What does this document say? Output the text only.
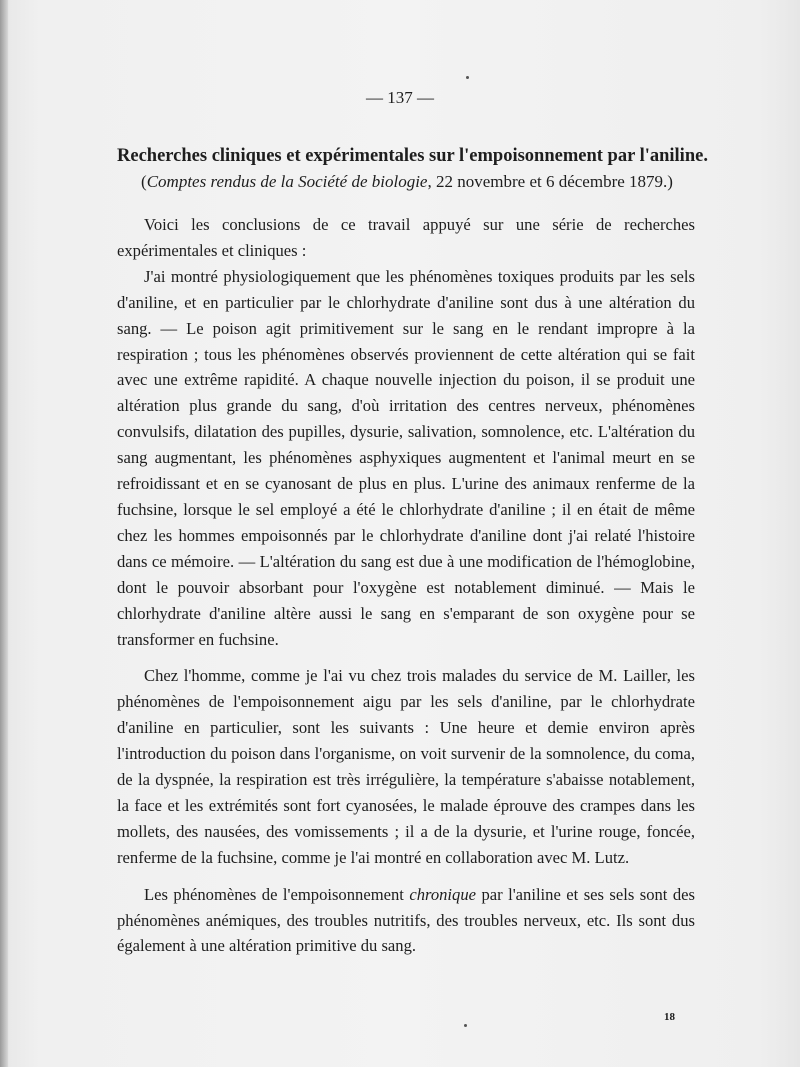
— 137 —
Recherches cliniques et expérimentales sur l'empoisonnement par l'aniline.
(Comptes rendus de la Société de biologie, 22 novembre et 6 décembre 1879.)

Voici les conclusions de ce travail appuyé sur une série de recherches expérimentales et cliniques :

J'ai montré physiologiquement que les phénomènes toxiques produits par les sels d'aniline, et en particulier par le chlorhydrate d'aniline sont dus à une altération du sang. — Le poison agit primitivement sur le sang en le rendant impropre à la respiration ; tous les phénomènes observés proviennent de cette altération qui se fait avec une extrême rapidité. A chaque nouvelle injection du poison, il se produit une altération plus grande du sang, d'où irritation des centres nerveux, phénomènes convulsifs, dilatation des pupilles, dysurie, salivation, somnolence, etc. L'altération du sang augmentant, les phénomènes asphyxiques augmentent et l'animal meurt en se refroidissant et en se cyanosant de plus en plus. L'urine des animaux renferme de la fuchsine, lorsque le sel employé a été le chlorhydrate d'aniline ; il en était de même chez les hommes empoisonnés par le chlorhydrate d'aniline dont j'ai relaté l'histoire dans ce mémoire. — L'altération du sang est due à une modification de l'hémoglobine, dont le pouvoir absorbant pour l'oxygène est notablement diminué. — Mais le chlorhydrate d'aniline altère aussi le sang en s'emparant de son oxygène pour se transformer en fuchsine.

Chez l'homme, comme je l'ai vu chez trois malades du service de M. Lailler, les phénomènes de l'empoisonnement aigu par les sels d'aniline, par le chlorhydrate d'aniline en particulier, sont les suivants : Une heure et demie environ après l'introduction du poison dans l'organisme, on voit survenir de la somnolence, du coma, de la dyspnée, la respiration est très irrégulière, la température s'abaisse notablement, la face et les extrémités sont fort cyanosées, le malade éprouve des crampes dans les mollets, des nausées, des vomissements ; il a de la dysurie, et l'urine rouge, foncée, renferme de la fuchsine, comme je l'ai montré en collaboration avec M. Lutz.

Les phénomènes de l'empoisonnement chronique par l'aniline et ses sels sont des phénomènes anémiques, des troubles nutritifs, des troubles nerveux, etc. Ils sont dus également à une altération primitive du sang.

18
